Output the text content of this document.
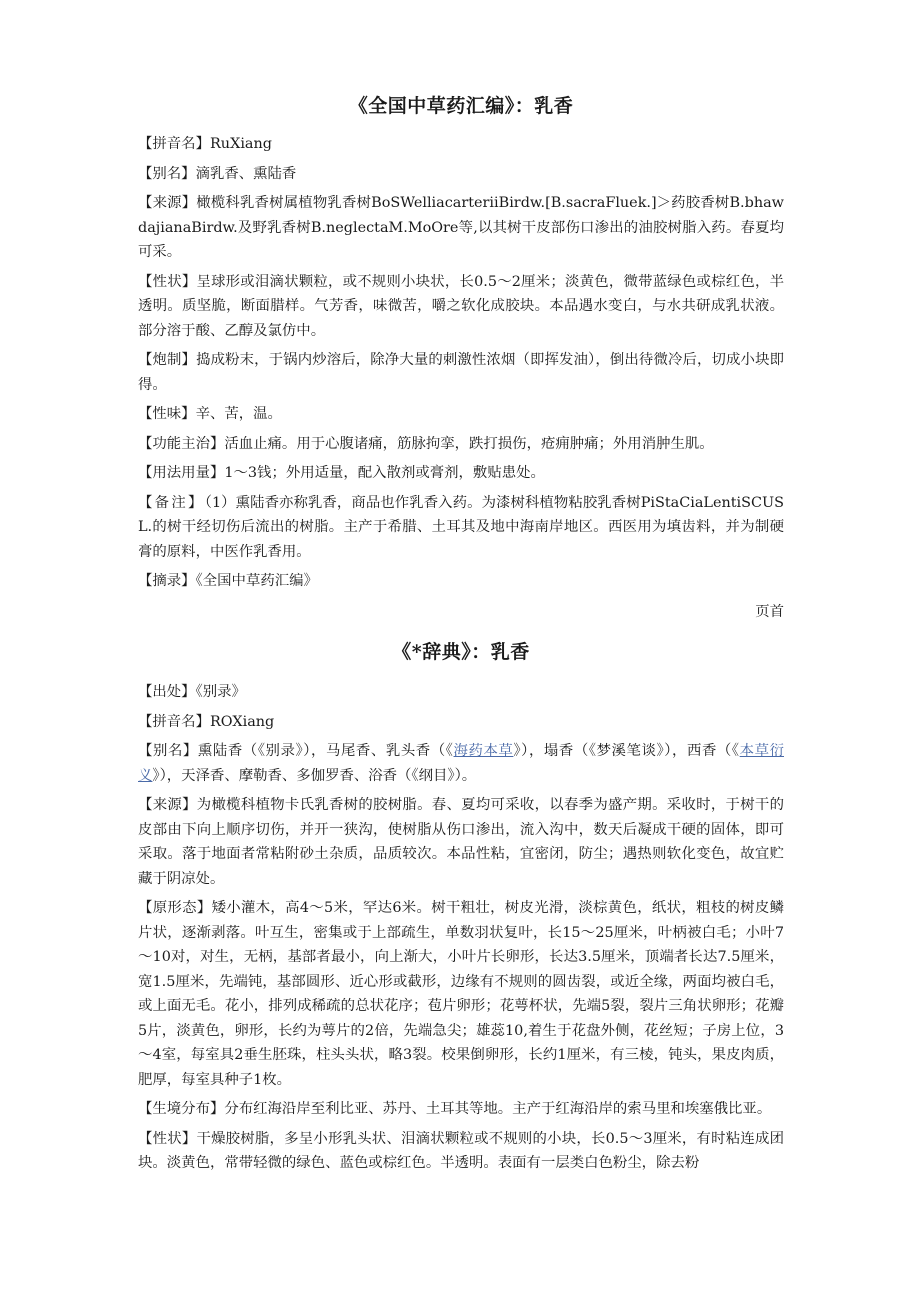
《全国中草药汇编》：乳香

【拼音名】RuXiang

【别名】滴乳香、熏陆香

【来源】橄榄科乳香树属植物乳香树BoSWelliacarteriiBirdw.[B.sacraFluek.]＞药胶香树B.bhawdajianaBirdw.及野乳香树B.neglectaM.MoOre等,以其树干皮部伤口渗出的油胶树脂入药。春夏均可采。

【性状】呈球形或泪滴状颗粒，或不规则小块状，长0.5～2厘米；淡黄色，微带蓝绿色或棕红色，半透明。质坚脆，断面腊样。气芳香，味微苦，嚼之软化成胶块。本品遇水变白，与水共研成乳状液。部分溶于酸、乙醇及氯仿中。

【炮制】捣成粉末，于锅内炒溶后，除净大量的刺激性浓烟（即挥发油），倒出待微冷后，切成小块即得。

【性味】辛、苦，温。

【功能主治】活血止痛。用于心腹诸痛，筋脉拘挛，跌打损伤，疮痈肿痛；外用消肿生肌。

【用法用量】1～3钱；外用适量，配入散剂或膏剂，敷贴患处。

【备注】（1）熏陆香亦称乳香，商品也作乳香入药。为漆树科植物粘胶乳香树PiStaCiaLentiSCUSL.的树干经切伤后流出的树脂。主产于希腊、土耳其及地中海南岸地区。西医用为填齿料，并为制硬膏的原料，中医作乳香用。

【摘录】《全国中草药汇编》

页首

《*辞典》：乳香

【出处】《别录》

【拼音名】ROXiang

【别名】熏陆香（《别录》），马尾香、乳头香（《海药本草》），塌香（《梦溪笔谈》），西香（《本草衍义》），天泽香、摩勒香、多伽罗香、浴香（《纲目》）。

【来源】为橄榄科植物卡氏乳香树的胶树脂。春、夏均可采收，以春季为盛产期。采收时，于树干的皮部由下向上顺序切伤，并开一狭沟，使树脂从伤口渗出，流入沟中，数天后凝成干硬的固体，即可采取。落于地面者常粘附砂土杂质，品质较次。本品性粘，宜密闭，防尘；遇热则软化变色，故宜贮藏于阴凉处。

【原形态】矮小灌木，高4～5米，罕达6米。树干粗壮，树皮光滑，淡棕黄色，纸状，粗枝的树皮鳞片状，逐渐剥落。叶互生，密集或于上部疏生，单数羽状复叶，长15～25厘米，叶柄被白毛；小叶7～10对，对生，无柄，基部者最小，向上渐大，小叶片长卵形，长达3.5厘米，顶端者长达7.5厘米，宽1.5厘米，先端钝，基部圆形、近心形或截形，边缘有不规则的圆齿裂，或近全缘，两面均被白毛，或上面无毛。花小，排列成稀疏的总状花序；苞片卵形；花萼杯状，先端5裂，裂片三角状卵形；花瓣5片，淡黄色，卵形，长约为萼片的2倍，先端急尖；雄蕊10,着生于花盘外侧，花丝短；子房上位，3～4室，每室具2垂生胚珠，柱头头状，略3裂。校果倒卵形，长约1厘米，有三棱，钝头，果皮肉质，肥厚，每室具种子1枚。

【生境分布】分布红海沿岸至利比亚、苏丹、土耳其等地。主产于红海沿岸的索马里和埃塞俄比亚。

【性状】干燥胶树脂，多呈小形乳头状、泪滴状颗粒或不规则的小块，长0.5～3厘米，有时粘连成团块。淡黄色，常带轻微的绿色、蓝色或棕红色。半透明。表面有一层类白色粉尘，除去粉
